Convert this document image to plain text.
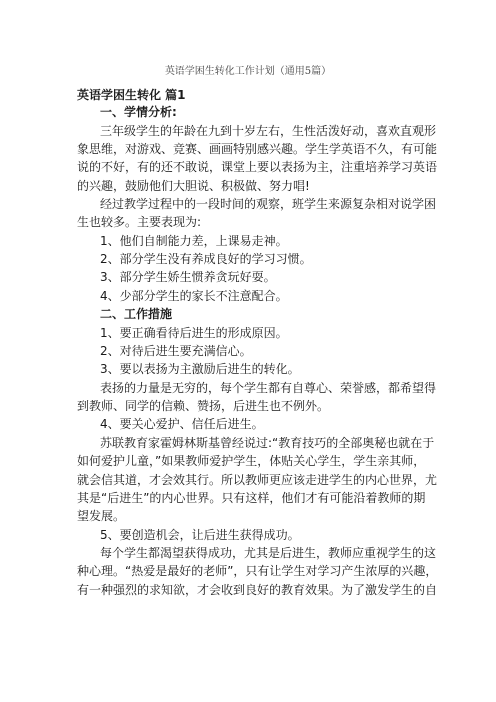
英语学困生转化工作计划（通用5篇）
英语学困生转化 篇1
一、学情分析:
三年级学生的年龄在九到十岁左右，生性活泼好动，喜欢直观形
象思维，对游戏、竞赛、画画特别感兴趣。学生学英语不久，有可能
说的不好，有的还不敢说，课堂上要以表扬为主，注重培养学习英语
的兴趣，鼓励他们大胆说、积极做、努力唱!
经过教学过程中的一段时间的观察，班学生来源复杂相对说学困
生也较多。主要表现为:
1、他们自制能力差，上课易走神。
2、部分学生没有养成良好的学习习惯。
3、部分学生娇生惯养贪玩好耍。
4、少部分学生的家长不注意配合。
二、工作措施
1、要正确看待后进生的形成原因。
2、对待后进生要充满信心。
3、要以表扬为主激励后进生的转化。
表扬的力量是无穷的，每个学生都有自尊心、荣誉感，都希望得
到教师、同学的信赖、赞扬，后进生也不例外。
4、要关心爱护、信任后进生。
苏联教育家霍姆林斯基曾经说过:“教育技巧的全部奥秘也就在于
如何爱护儿童，”如果教师爱护学生，体贴关心学生，学生亲其师，
就会信其道，才会效其行。所以教师更应该走进学生的内心世界，尤
其是“后进生”的内心世界。只有这样，他们才有可能沿着教师的期
望发展。
5、要创造机会，让后进生获得成功。
每个学生都渴望获得成功，尤其是后进生，教师应重视学生的这
种心理。“热爱是最好的老师”，只有让学生对学习产生浓厚的兴趣，
有一种强烈的求知欲，才会收到良好的教育效果。为了激发学生的自
